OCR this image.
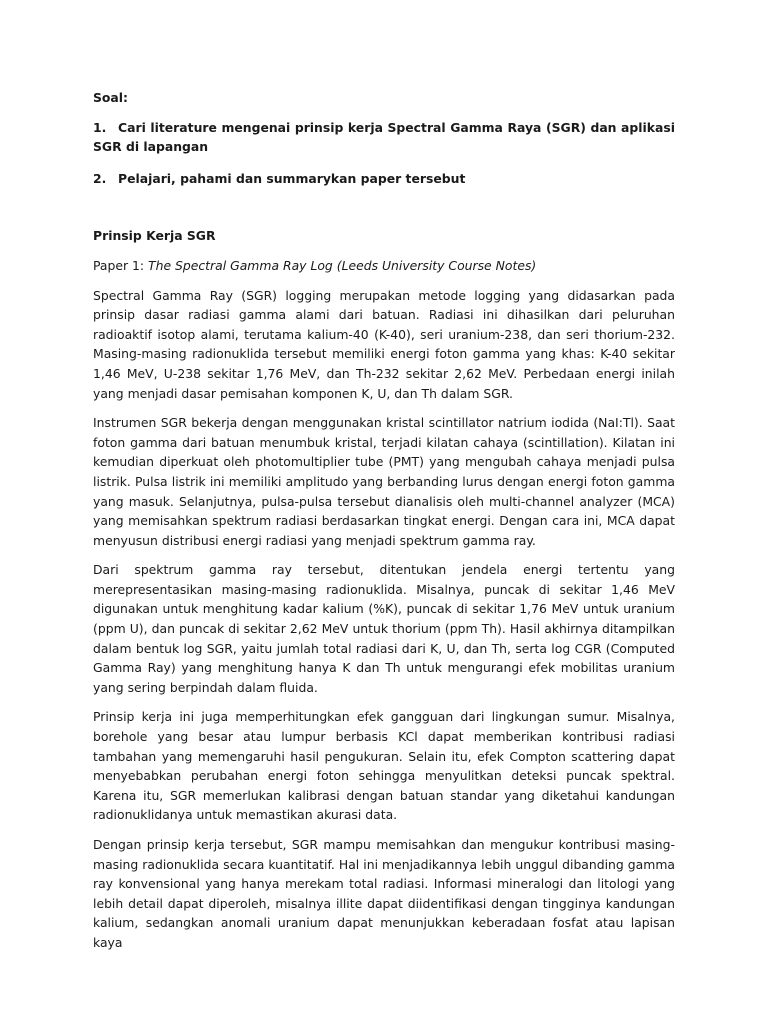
Soal:

1. Cari literature mengenai prinsip kerja Spectral Gamma Raya (SGR) dan aplikasi SGR di lapangan

2. Pelajari, pahami dan summarykan paper tersebut

Prinsip Kerja SGR

Paper 1: The Spectral Gamma Ray Log (Leeds University Course Notes)

Spectral Gamma Ray (SGR) logging merupakan metode logging yang didasarkan pada prinsip dasar radiasi gamma alami dari batuan. Radiasi ini dihasilkan dari peluruhan radioaktif isotop alami, terutama kalium-40 (K-40), seri uranium-238, dan seri thorium-232. Masing-masing radionuklida tersebut memiliki energi foton gamma yang khas: K-40 sekitar 1,46 MeV, U-238 sekitar 1,76 MeV, dan Th-232 sekitar 2,62 MeV. Perbedaan energi inilah yang menjadi dasar pemisahan komponen K, U, dan Th dalam SGR.

Instrumen SGR bekerja dengan menggunakan kristal scintillator natrium iodida (NaI:Tl). Saat foton gamma dari batuan menumbuk kristal, terjadi kilatan cahaya (scintillation). Kilatan ini kemudian diperkuat oleh photomultiplier tube (PMT) yang mengubah cahaya menjadi pulsa listrik. Pulsa listrik ini memiliki amplitudo yang berbanding lurus dengan energi foton gamma yang masuk. Selanjutnya, pulsa-pulsa tersebut dianalisis oleh multi-channel analyzer (MCA) yang memisahkan spektrum radiasi berdasarkan tingkat energi. Dengan cara ini, MCA dapat menyusun distribusi energi radiasi yang menjadi spektrum gamma ray.

Dari spektrum gamma ray tersebut, ditentukan jendela energi tertentu yang merepresentasikan masing-masing radionuklida. Misalnya, puncak di sekitar 1,46 MeV digunakan untuk menghitung kadar kalium (%K), puncak di sekitar 1,76 MeV untuk uranium (ppm U), dan puncak di sekitar 2,62 MeV untuk thorium (ppm Th). Hasil akhirnya ditampilkan dalam bentuk log SGR, yaitu jumlah total radiasi dari K, U, dan Th, serta log CGR (Computed Gamma Ray) yang menghitung hanya K dan Th untuk mengurangi efek mobilitas uranium yang sering berpindah dalam fluida.

Prinsip kerja ini juga memperhitungkan efek gangguan dari lingkungan sumur. Misalnya, borehole yang besar atau lumpur berbasis KCl dapat memberikan kontribusi radiasi tambahan yang memengaruhi hasil pengukuran. Selain itu, efek Compton scattering dapat menyebabkan perubahan energi foton sehingga menyulitkan deteksi puncak spektral. Karena itu, SGR memerlukan kalibrasi dengan batuan standar yang diketahui kandungan radionuklidanya untuk memastikan akurasi data.

Dengan prinsip kerja tersebut, SGR mampu memisahkan dan mengukur kontribusi masing-masing radionuklida secara kuantitatif. Hal ini menjadikannya lebih unggul dibanding gamma ray konvensional yang hanya merekam total radiasi. Informasi mineralogi dan litologi yang lebih detail dapat diperoleh, misalnya illite dapat diidentifikasi dengan tingginya kandungan kalium, sedangkan anomali uranium dapat menunjukkan keberadaan fosfat atau lapisan kaya
